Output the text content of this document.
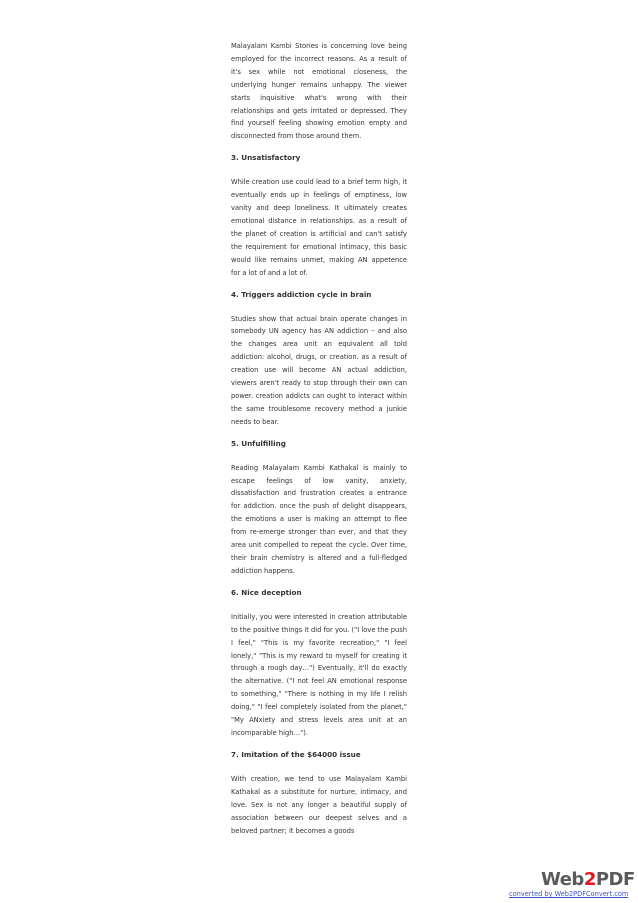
Malayalam Kambi Stories is concerning love being employed for the incorrect reasons. As a result of it's sex while not emotional closeness, the underlying hunger remains unhappy. The viewer starts inquisitive what's wrong with their relationships and gets irritated or depressed. They find yourself feeling showing emotion empty and disconnected from those around them.

3. Unsatisfactory

While creation use could lead to a brief term high, it eventually ends up in feelings of emptiness, low vanity and deep loneliness. It ultimately creates emotional distance in relationships. as a result of the planet of creation is artificial and can't satisfy the requirement for emotional intimacy, this basic would like remains unmet, making AN appetence for a lot of and a lot of.

4. Triggers addiction cycle in brain

Studies show that actual brain operate changes in somebody UN agency has AN addiction – and also the changes area unit an equivalent all told addiction: alcohol, drugs, or creation. as a result of creation use will become AN actual addiction, viewers aren't ready to stop through their own can power. creation addicts can ought to interact within the same troublesome recovery method a junkie needs to bear.

5. Unfulfilling

Reading Malayalam Kambi Kathakal is mainly to escape feelings of low vanity, anxiety, dissatisfaction and frustration creates a entrance for addiction. once the push of delight disappears, the emotions a user is making an attempt to flee from re-emerge stronger than ever, and that they area unit compelled to repeat the cycle. Over time, their brain chemistry is altered and a full-fledged addiction happens.

6. Nice deception

Initially, you were interested in creation attributable to the positive things it did for you. ("I love the push I feel," "This is my favorite recreation," "I feel lonely," "This is my reward to myself for creating it through a rough day…") Eventually, it'll do exactly the alternative. ("I not feel AN emotional response to something," "There is nothing in my life I relish doing," "I feel completely isolated from the planet," "My ANxiety and stress levels area unit at an incomparable high…").

7. Imitation of the $64000 issue

With creation, we tend to use Malayalam Kambi Kathakal as a substitute for nurture, intimacy, and love. Sex is not any longer a beautiful supply of association between our deepest selves and a beloved partner; it becomes a goods

Web2PDF
converted by Web2PDFConvert.com
